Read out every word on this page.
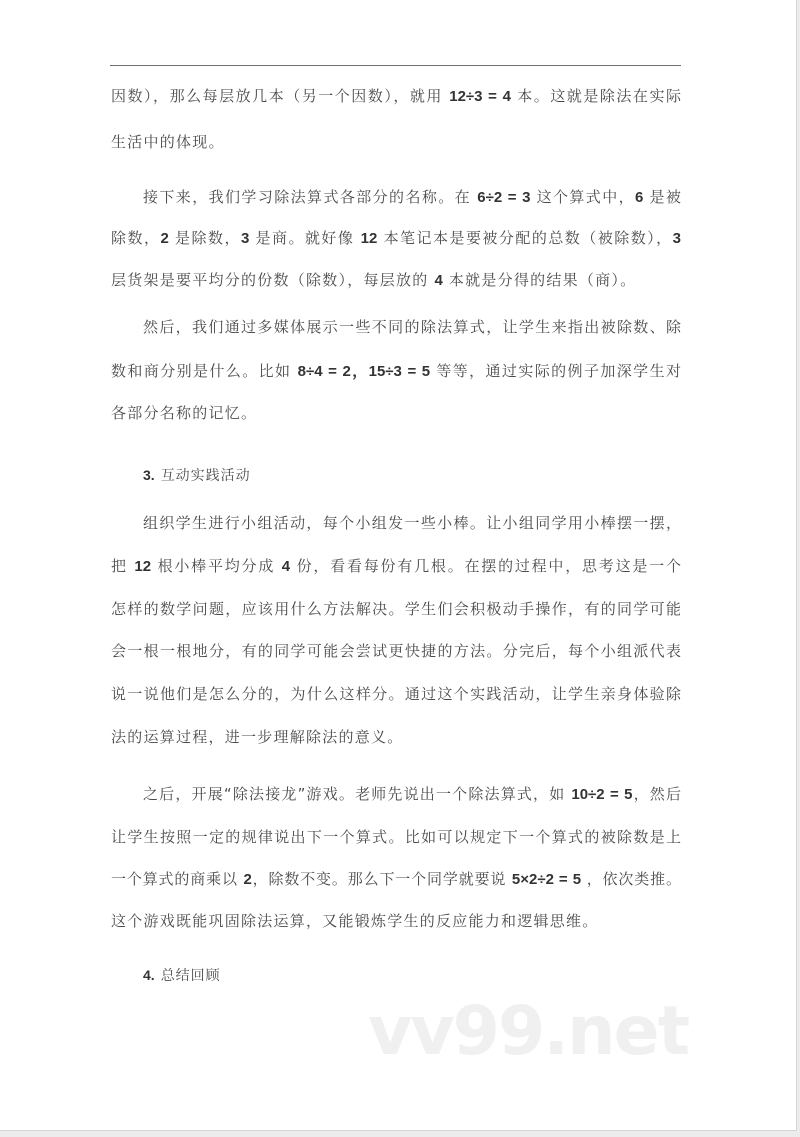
因数），那么每层放几本（另一个因数），就用 12÷3 = 4 本。这就是除法在实际
生活中的体现。
接下来，我们学习除法算式各部分的名称。在 6÷2 = 3 这个算式中，6 是被
除数，2 是除数，3 是商。就好像 12 本笔记本是要被分配的总数（被除数），3
层货架是要平均分的份数（除数），每层放的 4 本就是分得的结果（商）。
然后，我们通过多媒体展示一些不同的除法算式，让学生来指出被除数、除
数和商分别是什么。比如 8÷4 = 2，15÷3 = 5 等等，通过实际的例子加深学生对
各部分名称的记忆。
3. 互动实践活动
组织学生进行小组活动，每个小组发一些小棒。让小组同学用小棒摆一摆，
把 12 根小棒平均分成 4 份，看看每份有几根。在摆的过程中，思考这是一个
怎样的数学问题，应该用什么方法解决。学生们会积极动手操作，有的同学可能
会一根一根地分，有的同学可能会尝试更快捷的方法。分完后，每个小组派代表
说一说他们是怎么分的，为什么这样分。通过这个实践活动，让学生亲身体验除
法的运算过程，进一步理解除法的意义。
之后，开展“除法接龙”游戏。老师先说出一个除法算式，如 10÷2 = 5，然后
让学生按照一定的规律说出下一个算式。比如可以规定下一个算式的被除数是上
一个算式的商乘以 2，除数不变。那么下一个同学就要说 5×2÷2 = 5 ，依次类推。
这个游戏既能巩固除法运算，又能锻炼学生的反应能力和逻辑思维。
4. 总结回顾
vv99.net
